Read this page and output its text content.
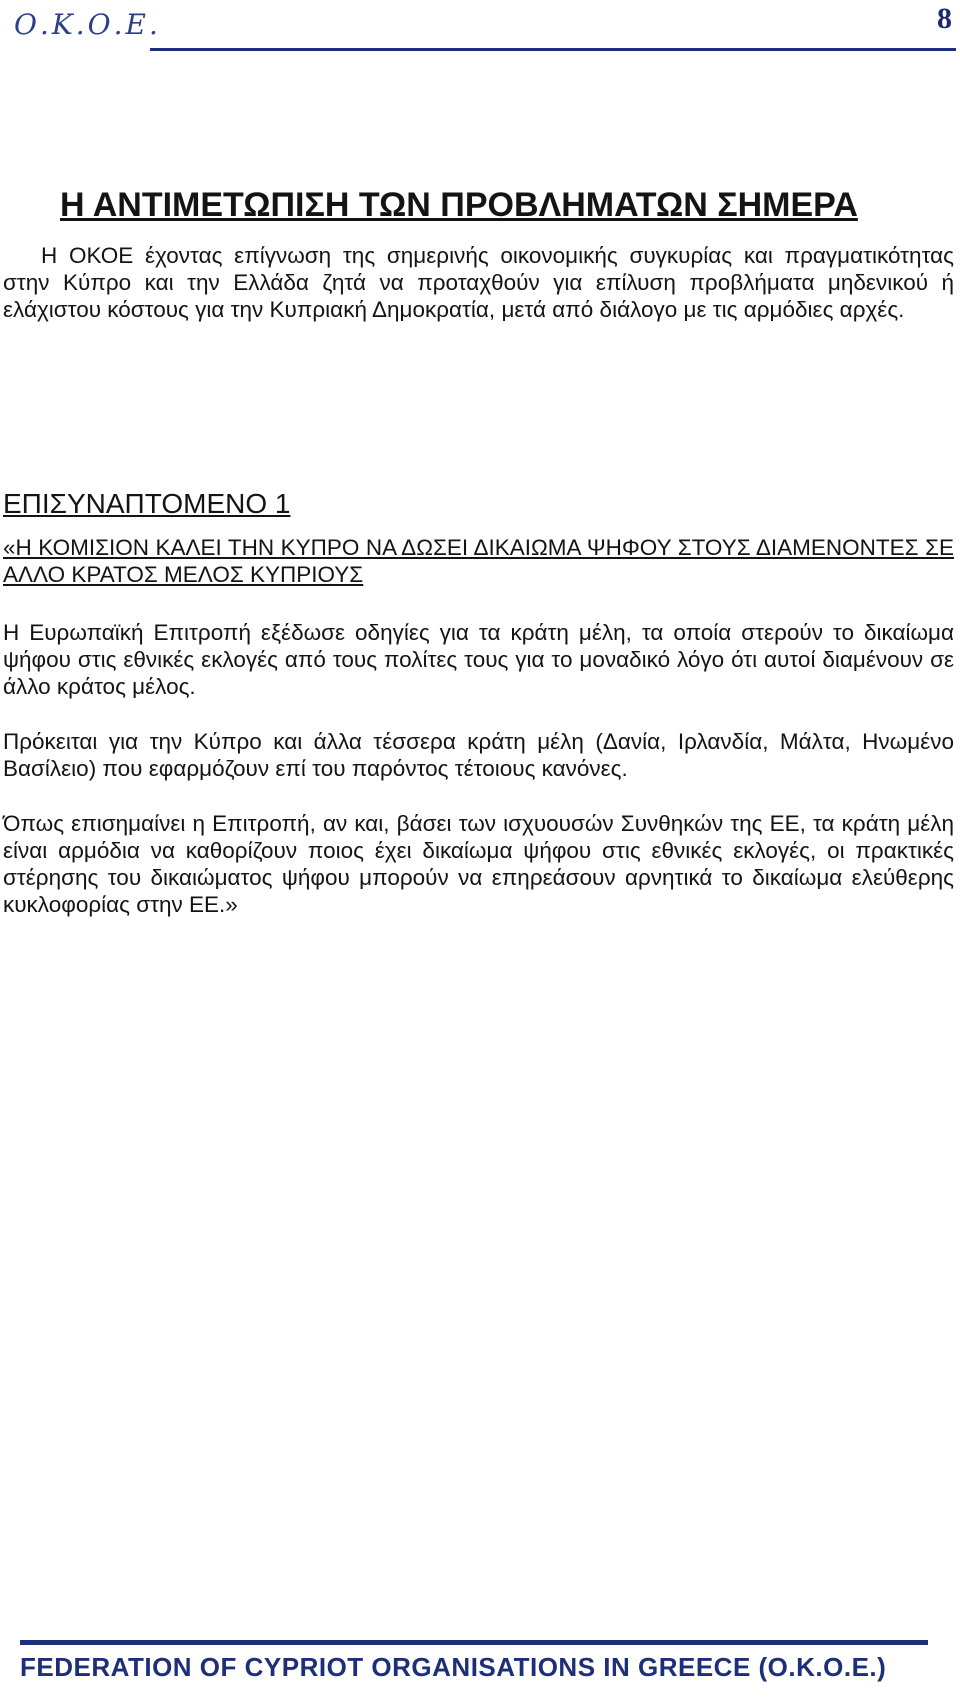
Ο.Κ.Ο.Ε.	8
Η ΑΝΤΙΜΕΤΩΠΙΣΗ ΤΩΝ ΠΡΟΒΛΗΜΑΤΩΝ ΣΗΜΕΡΑ

Η ΟΚΟΕ έχοντας επίγνωση της σημερινής οικονομικής συγκυρίας και πραγματικότητας στην Κύπρο και την Ελλάδα ζητά να προταχθούν για επίλυση προβλήματα μηδενικού ή ελάχιστου κόστους για την Κυπριακή Δημοκρατία, μετά από διάλογο με τις αρμόδιες αρχές.

ΕΠΙΣΥΝΑΠΤΟΜΕΝΟ 1

«Η ΚΟΜΙΣΙΟΝ ΚΑΛΕΙ ΤΗΝ ΚΥΠΡΟ ΝΑ ΔΩΣΕΙ ΔΙΚΑΙΩΜΑ ΨΗΦΟΥ ΣΤΟΥΣ ΔΙΑΜΕΝΟΝΤΕΣ ΣΕ ΑΛΛΟ ΚΡΑΤΟΣ ΜΕΛΟΣ ΚΥΠΡΙΟΥΣ

Η Ευρωπαϊκή Επιτροπή εξέδωσε οδηγίες για τα κράτη μέλη, τα οποία στερούν το δικαίωμα ψήφου στις εθνικές εκλογές από τους πολίτες τους για το μοναδικό λόγο ότι αυτοί διαμένουν σε άλλο κράτος μέλος.

Πρόκειται για την Κύπρο και άλλα τέσσερα κράτη μέλη (Δανία, Ιρλανδία, Μάλτα, Ηνωμένο Βασίλειο) που εφαρμόζουν επί του παρόντος τέτοιους κανόνες.

Όπως επισημαίνει η Επιτροπή, αν και, βάσει των ισχυουσών Συνθηκών της ΕΕ, τα κράτη μέλη είναι αρμόδια να καθορίζουν ποιος έχει δικαίωμα ψήφου στις εθνικές εκλογές, οι πρακτικές στέρησης του δικαιώματος ψήφου μπορούν να επηρεάσουν αρνητικά το δικαίωμα ελεύθερης κυκλοφορίας στην ΕΕ.»

FEDERATION OF CYPRIOT ORGANISATIONS IN GREECE (O.K.O.E.)
